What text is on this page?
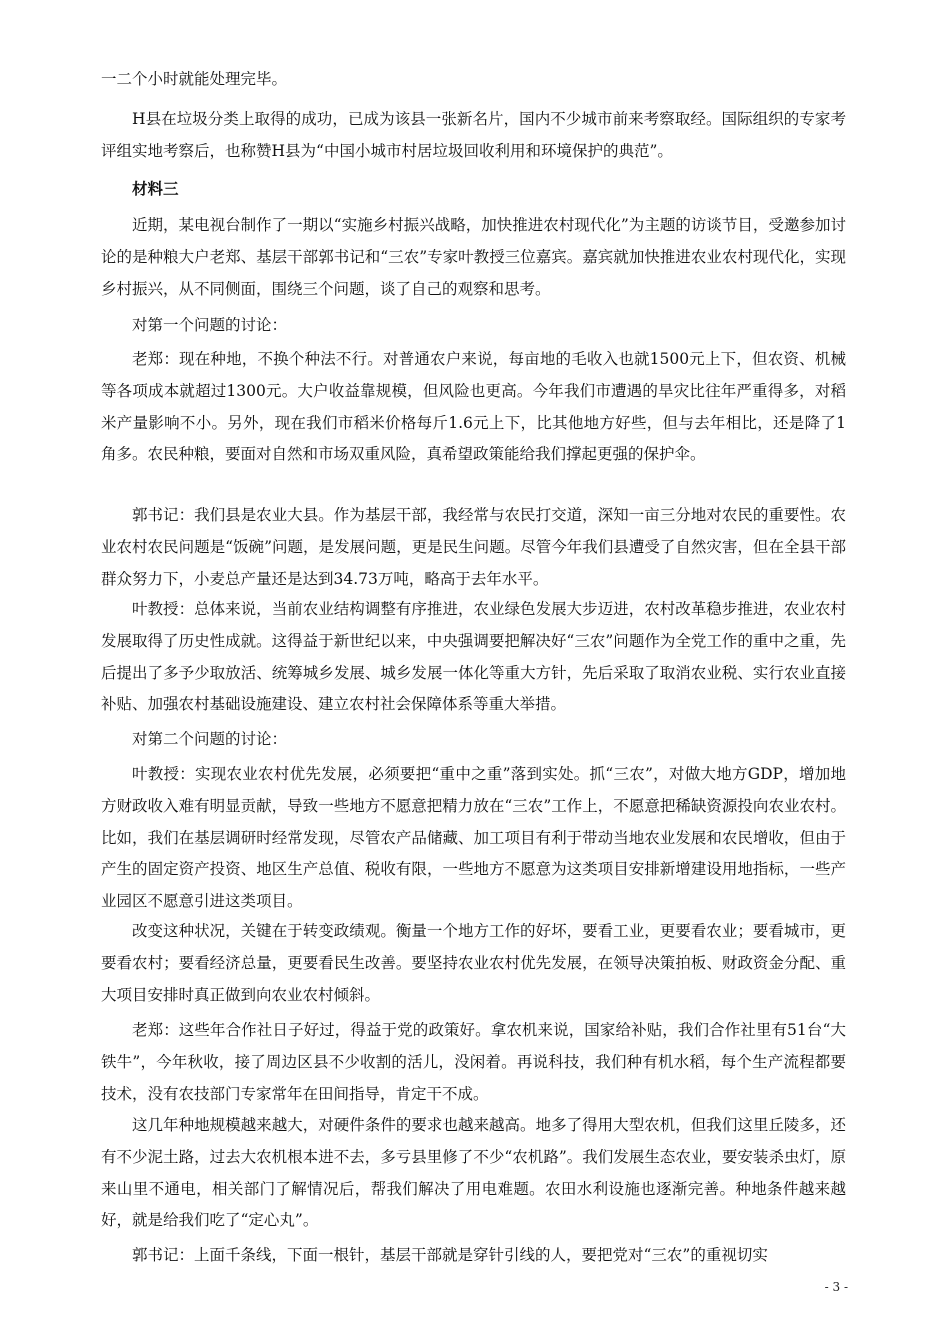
一二个小时就能处理完毕。

H县在垃圾分类上取得的成功，已成为该县一张新名片，国内不少城市前来考察取经。国际组织的专家考评组实地考察后，也称赞H县为“中国小城市村居垃圾回收利用和环境保护的典范”。

材料三

近期，某电视台制作了一期以“实施乡村振兴战略，加快推进农村现代化”为主题的访谈节目，受邀参加讨论的是种粮大户老郑、基层干部郭书记和“三农”专家叶教授三位嘉宾。嘉宾就加快推进农业农村现代化，实现乡村振兴，从不同侧面，围绕三个问题，谈了自己的观察和思考。

对第一个问题的讨论：

老郑：现在种地，不换个种法不行。对普通农户来说，每亩地的毛收入也就1500元上下，但农资、机械等各项成本就超过1300元。大户收益靠规模，但风险也更高。今年我们市遭遇的旱灾比往年严重得多，对稻米产量影响不小。另外，现在我们市稻米价格每斤1.6元上下，比其他地方好些，但与去年相比，还是降了1角多。农民种粮，要面对自然和市场双重风险，真希望政策能给我们撑起更强的保护伞。

郭书记：我们县是农业大县。作为基层干部，我经常与农民打交道，深知一亩三分地对农民的重要性。农业农村农民问题是“饭碗”问题，是发展问题，更是民生问题。尽管今年我们县遭受了自然灾害，但在全县干部群众努力下，小麦总产量还是达到34.73万吨，略高于去年水平。

叶教授：总体来说，当前农业结构调整有序推进，农业绿色发展大步迈进，农村改革稳步推进，农业农村发展取得了历史性成就。这得益于新世纪以来，中央强调要把解决好“三农”问题作为全党工作的重中之重，先后提出了多予少取放活、统筹城乡发展、城乡发展一体化等重大方针，先后采取了取消农业税、实行农业直接补贴、加强农村基础设施建设、建立农村社会保障体系等重大举措。

对第二个问题的讨论：

叶教授：实现农业农村优先发展，必须要把“重中之重”落到实处。抓“三农”，对做大地方GDP，增加地方财政收入难有明显贡献，导致一些地方不愿意把精力放在“三农”工作上，不愿意把稀缺资源投向农业农村。比如，我们在基层调研时经常发现，尽管农产品储藏、加工项目有利于带动当地农业发展和农民增收，但由于产生的固定资产投资、地区生产总值、税收有限，一些地方不愿意为这类项目安排新增建设用地指标，一些产业园区不愿意引进这类项目。

改变这种状况，关键在于转变政绩观。衡量一个地方工作的好坏，要看工业，更要看农业；要看城市，更要看农村；要看经济总量，更要看民生改善。要坚持农业农村优先发展，在领导决策拍板、财政资金分配、重大项目安排时真正做到向农业农村倾斜。

老郑：这些年合作社日子好过，得益于党的政策好。拿农机来说，国家给补贴，我们合作社里有51台“大铁牛”，今年秋收，接了周边区县不少收割的活儿，没闲着。再说科技，我们种有机水稻，每个生产流程都要技术，没有农技部门专家常年在田间指导，肯定干不成。

这几年种地规模越来越大，对硬件条件的要求也越来越高。地多了得用大型农机，但我们这里丘陵多，还有不少泥土路，过去大农机根本进不去，多亏县里修了不少“农机路”。我们发展生态农业，要安装杀虫灯，原来山里不通电，相关部门了解情况后，帮我们解决了用电难题。农田水利设施也逐渐完善。种地条件越来越好，就是给我们吃了“定心丸”。

郭书记：上面千条线，下面一根针，基层干部就是穿针引线的人，要把党对“三农”的重视切实

- 3 -
